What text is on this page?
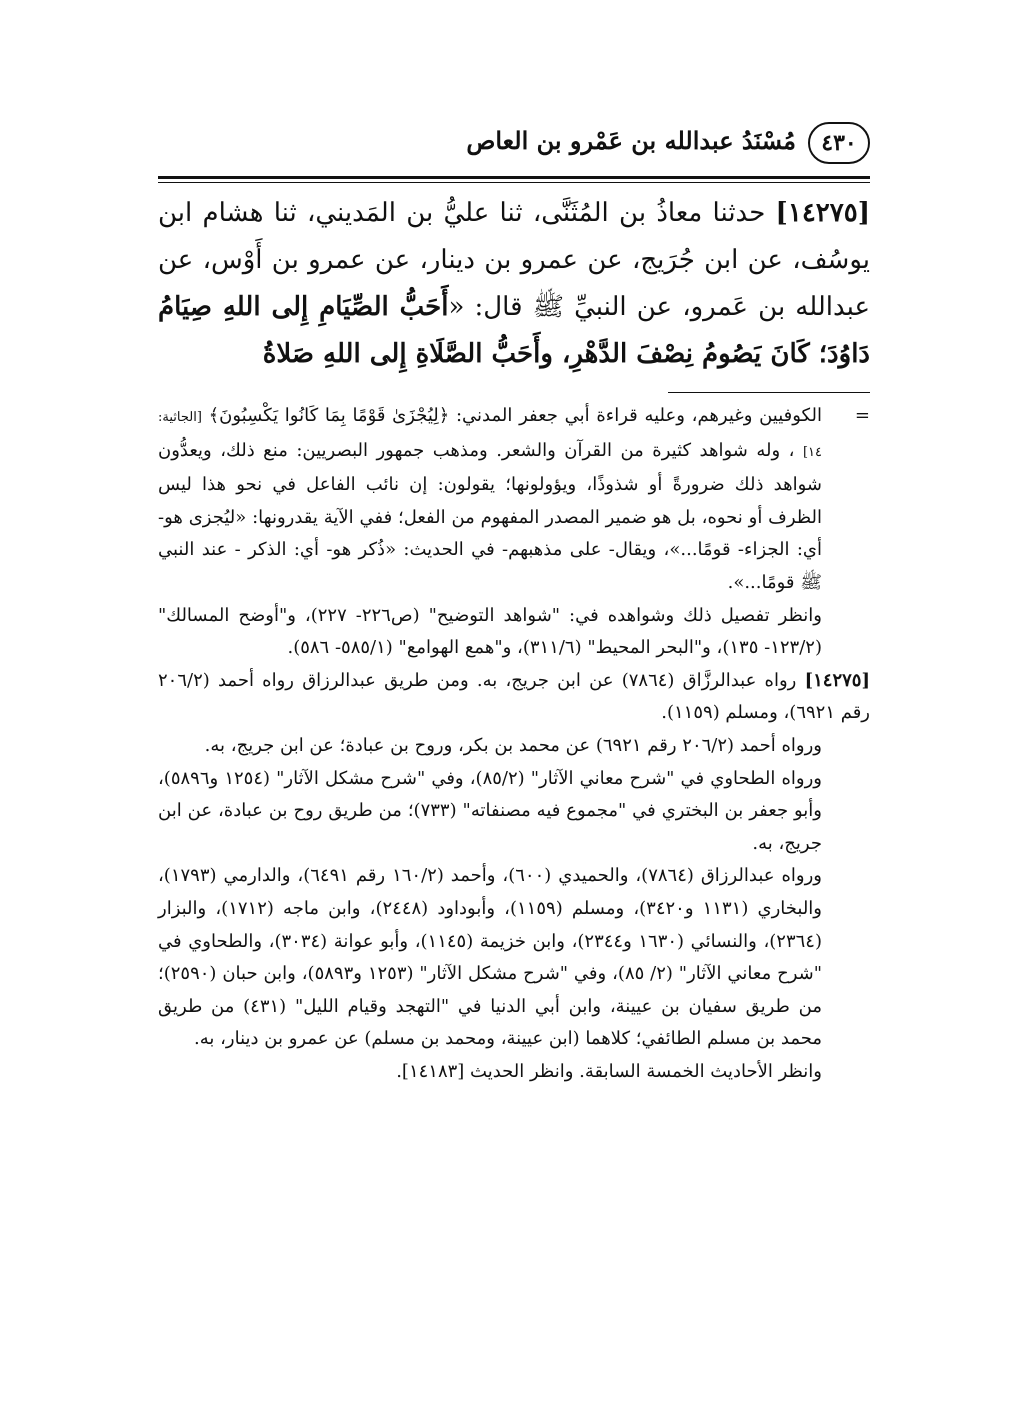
٤٣٠
مُسْنَدُ عبدالله بن عَمْرو بن العاص

[١٤٢٧٥] حدثنا معاذُ بن المُثَنَّى، ثنا عليُّ بن المَديني، ثنا هشام ابن يوسُف، عن ابن جُرَيج، عن عمرو بن دينار، عن عمرو بن أَوْس، عن عبدالله بن عَمرو، عن النبيِّ ﷺ قال: «أَحَبُّ الصِّيَامِ إِلى اللهِ صِيَامُ دَاوُدَ؛ كَانَ يَصُومُ نِصْفَ الدَّهْرِ، وأَحَبُّ الصَّلَاةِ إِلى اللهِ صَلاةُ

=
الكوفيين وغيرهم، وعليه قراءة أبي جعفر المدني: ﴿لِيُجْزَىٰ قَوْمًا بِمَا كَانُوا يَكْسِبُونَ﴾ [الجاثية: ١٤] ، وله شواهد كثيرة من القرآن والشعر. ومذهب جمهور البصريين: منع ذلك، ويعدُّون شواهد ذلك ضرورةً أو شذوذًا، ويؤولونها؛ يقولون: إن نائب الفاعل في نحو هذا ليس الظرف أو نحوه، بل هو ضمير المصدر المفهوم من الفعل؛ ففي الآية يقدرونها: «ليُجزى هو- أي: الجزاء- قومًا...»، ويقال- على مذهبهم- في الحديث: «ذُكر هو- أي: الذكر - عند النبي ﷺ قومًا...».

وانظر تفصيل ذلك وشواهده في: "شواهد التوضيح" (ص٢٢٦- ٢٢٧)، و"أوضح المسالك" (١٢٣/٢- ١٣٥)، و"البحر المحيط" (٣١١/٦)، و"همع الهوامع" (٥٨٥/١- ٥٨٦).

[١٤٢٧٥] رواه عبدالرزَّاق (٧٨٦٤) عن ابن جريج، به. ومن طريق عبدالرزاق رواه أحمد (٢٠٦/٢ رقم ٦٩٢١)، ومسلم (١١٥٩).

ورواه أحمد (٢٠٦/٢ رقم ٦٩٢١) عن محمد بن بكر، وروح بن عبادة؛ عن ابن جريج، به.

ورواه الطحاوي في "شرح معاني الآثار" (٨٥/٢)، وفي "شرح مشكل الآثار" (١٢٥٤ و٥٨٩٦)، وأبو جعفر بن البختري في "مجموع فيه مصنفاته" (٧٣٣)؛ من طريق روح بن عبادة، عن ابن جريج، به.

ورواه عبدالرزاق (٧٨٦٤)، والحميدي (٦٠٠)، وأحمد (١٦٠/٢ رقم ٦٤٩١)، والدارمي (١٧٩٣)، والبخاري (١١٣١ و٣٤٢٠)، ومسلم (١١٥٩)، وأبوداود (٢٤٤٨)، وابن ماجه (١٧١٢)، والبزار (٢٣٦٤)، والنسائي (١٦٣٠ و٢٣٤٤)، وابن خزيمة (١١٤٥)، وأبو عوانة (٣٠٣٤)، والطحاوي في "شرح معاني الآثار" (٢/ ٨٥)، وفي "شرح مشكل الآثار" (١٢٥٣ و٥٨٩٣)، وابن حبان (٢٥٩٠)؛ من طريق سفيان بن عيينة، وابن أبي الدنيا في "التهجد وقيام الليل" (٤٣١) من طريق محمد بن مسلم الطائفي؛ كلاهما (ابن عيينة، ومحمد بن مسلم) عن عمرو بن دينار، به.

وانظر الأحاديث الخمسة السابقة. وانظر الحديث [١٤١٨٣].
